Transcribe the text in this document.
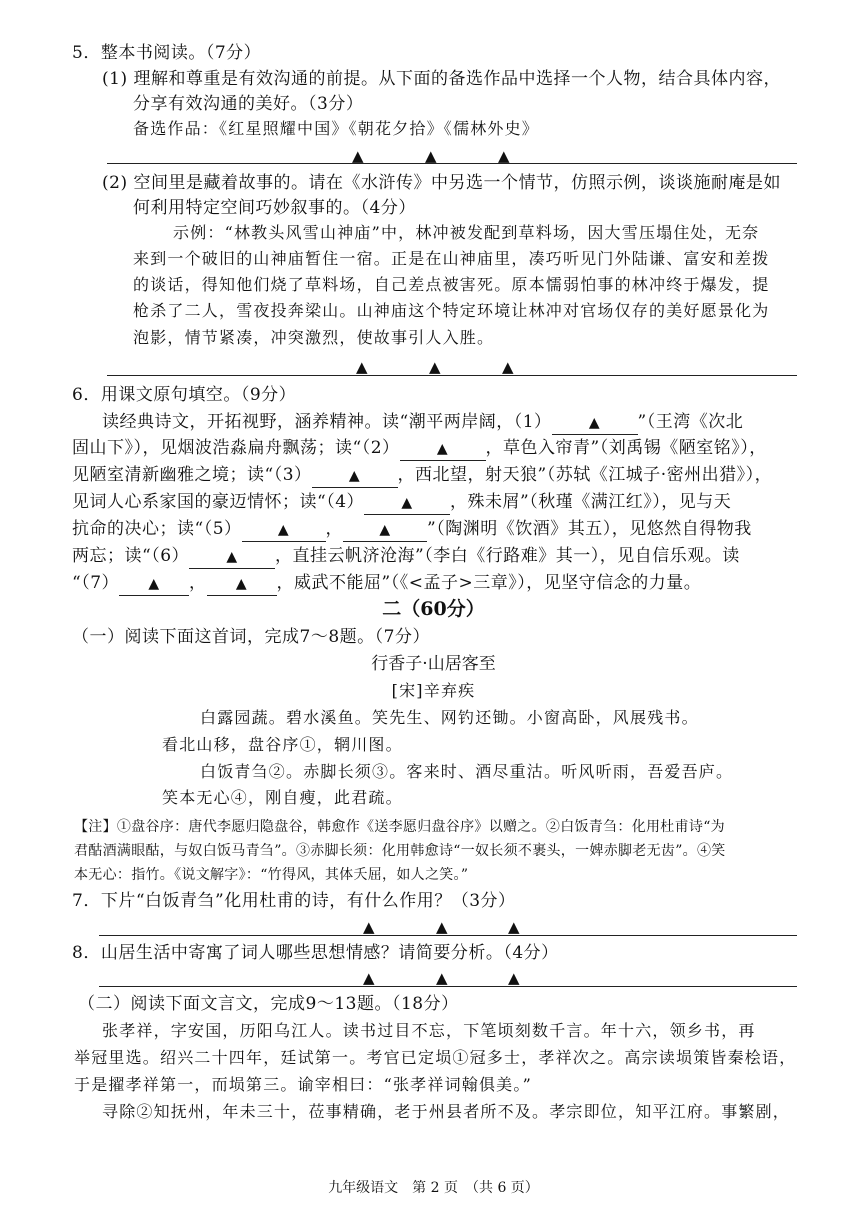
5．整本书阅读。（7分）
(1) 理解和尊重是有效沟通的前提。从下面的备选作品中选择一个人物，结合具体内容，
分享有效沟通的美好。（3分）
备选作品：《红星照耀中国》《朝花夕拾》《儒林外史》
▲	▲	▲
(2) 空间里是藏着故事的。请在《水浒传》中另选一个情节，仿照示例，谈谈施耐庵是如
何利用特定空间巧妙叙事的。（4分）
示例：“林教头风雪山神庙”中，林冲被发配到草料场，因大雪压塌住处，无奈
来到一个破旧的山神庙暂住一宿。正是在山神庙里，凑巧听见门外陆谦、富安和差拨
的谈话，得知他们烧了草料场，自己差点被害死。原本懦弱怕事的林冲终于爆发，提
枪杀了二人，雪夜投奔梁山。山神庙这个特定环境让林冲对官场仅存的美好愿景化为
泡影，情节紧凑，冲突激烈，使故事引人入胜。
▲	▲	▲
6．用课文原句填空。（9分）
读经典诗文，开拓视野，涵养精神。读“潮平两岸阔，（1）	▲ ”（王湾《次北
固山下》），见烟波浩淼扁舟飘荡；读“（2）	▲ ，草色入帘青”（刘禹锡《陋室铭》），
见陋室清新幽雅之境；读“（3）	▲ ，西北望，射天狼”（苏轼《江城子·密州出猎》），
见词人心系家国的豪迈情怀；读“（4）	▲ ，殊未屑”（秋瑾《满江红》），见与天
抗命的决心；读“（5）	▲ ，	▲ ”（陶渊明《饮酒》其五），见悠然自得物我
两忘；读“（6）	▲ ，直挂云帆济沧海”（李白《行路难》其一），见自信乐观。读
“（7） ▲ ， ▲ ，威武不能屈”（《<孟子>三章》），见坚守信念的力量。
二（60分）
（一）阅读下面这首词，完成7～8题。（7分）
行香子·山居客至
[宋]辛弃疾
白露园蔬。碧水溪鱼。笑先生、网钓还锄。小窗高卧，风展残书。
看北山移，盘谷序①，辋川图。
白饭青刍②。赤脚长须③。客来时、酒尽重沽。听风听雨，吾爱吾庐。
笑本无心④，刚自瘦，此君疏。
【注】①盘谷序：唐代李愿归隐盘谷，韩愈作《送李愿归盘谷序》以赠之。②白饭青刍：化用杜甫诗“为
君酤酒满眼酤，与奴白饭马青刍”。③赤脚长须：化用韩愈诗“一奴长须不裹头，一婢赤脚老无齿”。④笑
本无心：指竹。《说文解字》：“竹得风，其体夭屈，如人之笑。”
7．下片“白饭青刍”化用杜甫的诗，有什么作用？（3分）
▲	▲	▲
8．山居生活中寄寓了词人哪些思想情感？请简要分析。（4分）
▲	▲	▲
（二）阅读下面文言文，完成9～13题。（18分）
张孝祥，字安国，历阳乌江人。读书过目不忘，下笔顷刻数千言。年十六，领乡书，再
举冠里选。绍兴二十四年，廷试第一。考官已定埙①冠多士，孝祥次之。高宗读埙策皆秦桧语，
于是擢孝祥第一，而埙第三。谕宰相曰：“张孝祥词翰俱美。”
寻除②知抚州，年未三十，莅事精确，老于州县者所不及。孝宗即位，知平江府。事繁剧，
九年级语文　第 2 页　（共 6 页）
